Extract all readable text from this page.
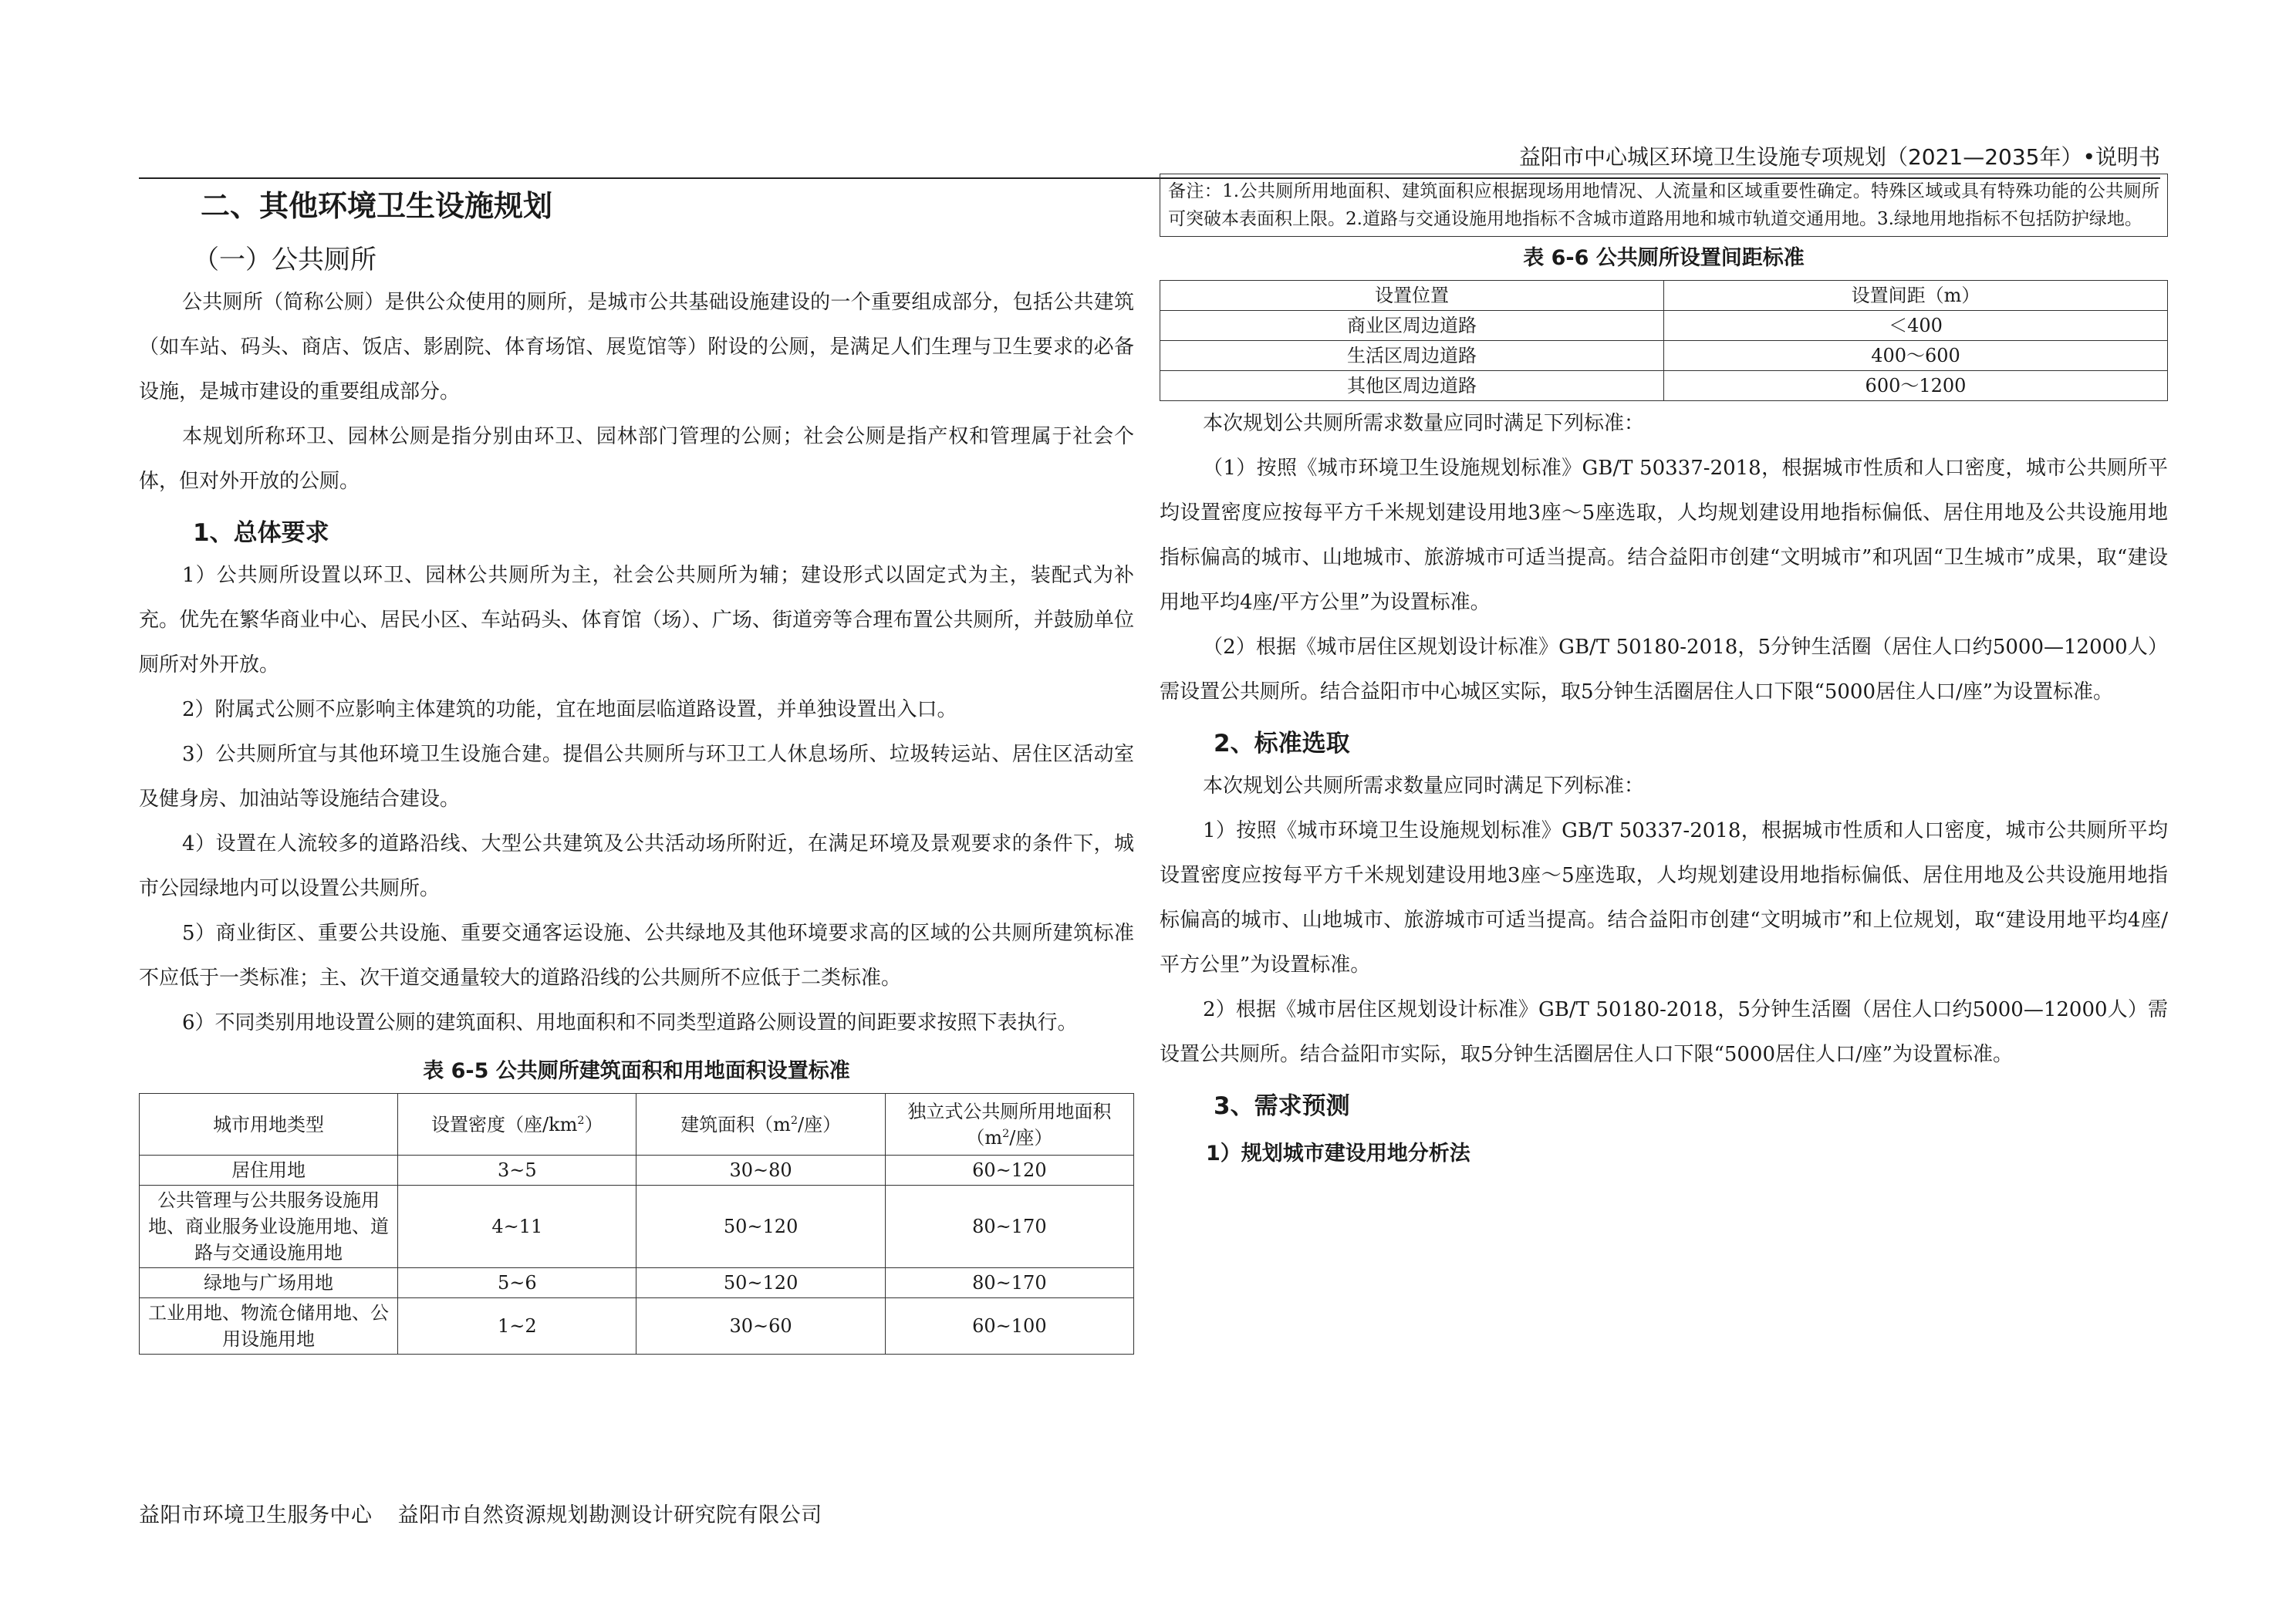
益阳市中心城区环境卫生设施专项规划（2021—2035年）•说明书
二、其他环境卫生设施规划
（一）公共厕所

公共厕所（简称公厕）是供公众使用的厕所，是城市公共基础设施建设的一个重要组成部分，包括公共建筑（如车站、码头、商店、饭店、影剧院、体育场馆、展览馆等）附设的公厕，是满足人们生理与卫生要求的必备设施，是城市建设的重要组成部分。

本规划所称环卫、园林公厕是指分别由环卫、园林部门管理的公厕；社会公厕是指产权和管理属于社会个体，但对外开放的公厕。

1、总体要求

1）公共厕所设置以环卫、园林公共厕所为主，社会公共厕所为辅；建设形式以固定式为主，装配式为补充。优先在繁华商业中心、居民小区、车站码头、体育馆（场）、广场、街道旁等合理布置公共厕所，并鼓励单位厕所对外开放。

2）附属式公厕不应影响主体建筑的功能，宜在地面层临道路设置，并单独设置出入口。

3）公共厕所宜与其他环境卫生设施合建。提倡公共厕所与环卫工人休息场所、垃圾转运站、居住区活动室及健身房、加油站等设施结合建设。

4）设置在人流较多的道路沿线、大型公共建筑及公共活动场所附近，在满足环境及景观要求的条件下，城市公园绿地内可以设置公共厕所。

5）商业街区、重要公共设施、重要交通客运设施、公共绿地及其他环境要求高的区域的公共厕所建筑标准不应低于一类标准；主、次干道交通量较大的道路沿线的公共厕所不应低于二类标准。

6）不同类别用地设置公厕的建筑面积、用地面积和不同类型道路公厕设置的间距要求按照下表执行。

表 6-5 公共厕所建筑面积和用地面积设置标准
城市用地类型	设置密度（座$/km^2$）	建筑面积（$m^2/$座）	独立式公共厕所用地面积（$m^2/$座）
居住用地	3~5	30~80	60~120
公共管理与公共服务设施用地、商业服务业设施用地、道路与交通设施用地	4~11	50~120	80~170
绿地与广场用地	5~6	50~120	80~170
工业用地、物流仓储用地、公用设施用地	1~2	30~60	60~100
备注：1.公共厕所用地面积、建筑面积应根据现场用地情况、人流量和区域重要性确定。特殊区域或具有特殊功能的公共厕所可突破本表面积上限。2.道路与交通设施用地指标不含城市道路用地和城市轨道交通用地。3.绿地用地指标不包括防护绿地。
表 6-6 公共厕所设置间距标准
设置位置	设置间距（m）
商业区周边道路	＜400
生活区周边道路	400～600
其他区周边道路	600～1200

本次规划公共厕所需求数量应同时满足下列标准：

（1）按照《城市环境卫生设施规划标准》GB/T 50337-2018，根据城市性质和人口密度，城市公共厕所平均设置密度应按每平方千米规划建设用地3座～5座选取，人均规划建设用地指标偏低、居住用地及公共设施用地指标偏高的城市、山地城市、旅游城市可适当提高。结合益阳市创建“文明城市”和巩固“卫生城市”成果，取“建设用地平均4座/平方公里”为设置标准。

（2）根据《城市居住区规划设计标准》GB/T 50180-2018，5分钟生活圈（居住人口约5000—12000人）需设置公共厕所。结合益阳市中心城区实际，取5分钟生活圈居住人口下限“5000居住人口/座”为设置标准。

2、标准选取

本次规划公共厕所需求数量应同时满足下列标准：

1）按照《城市环境卫生设施规划标准》GB/T 50337-2018，根据城市性质和人口密度，城市公共厕所平均设置密度应按每平方千米规划建设用地3座～5座选取，人均规划建设用地指标偏低、居住用地及公共设施用地指标偏高的城市、山地城市、旅游城市可适当提高。结合益阳市创建“文明城市”和上位规划，取“建设用地平均4座/平方公里”为设置标准。

2）根据《城市居住区规划设计标准》GB/T 50180-2018，5分钟生活圈（居住人口约5000—12000人）需设置公共厕所。结合益阳市实际，取5分钟生活圈居住人口下限“5000居住人口/座”为设置标准。

3、需求预测
1）规划城市建设用地分析法
益阳市环境卫生服务中心 益阳市自然资源规划勘测设计研究院有限公司
